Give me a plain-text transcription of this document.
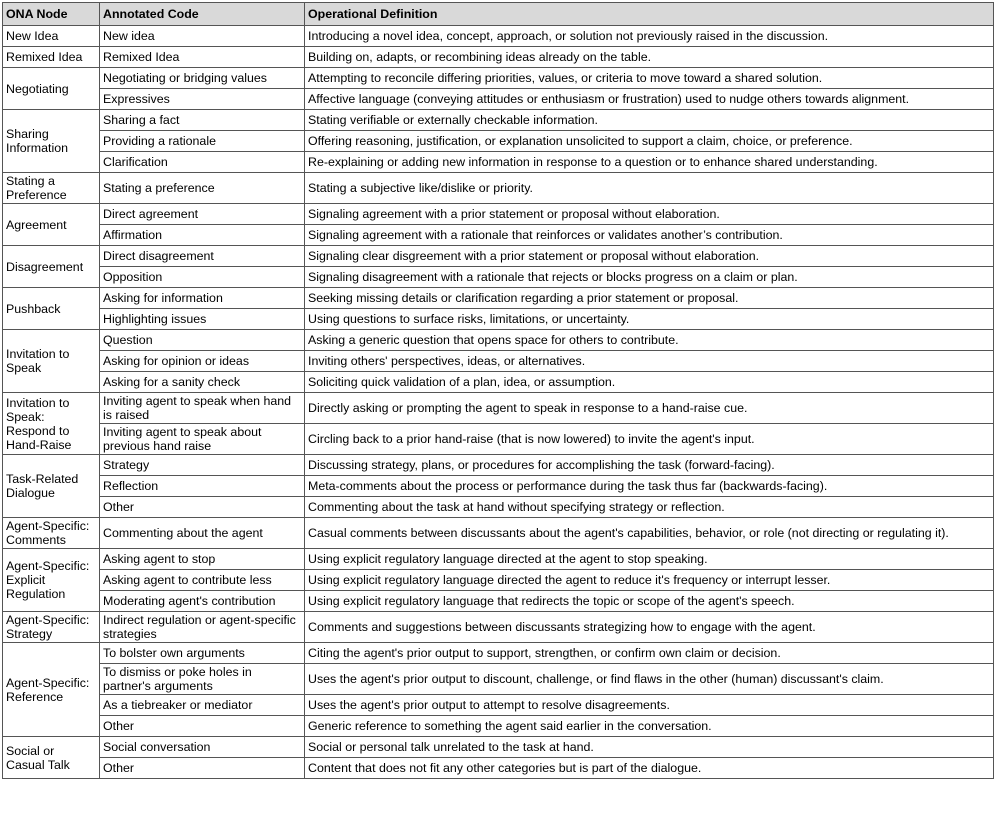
ONA Node	Annotated Code	Operational Definition
New Idea	New idea	Introducing a novel idea, concept, approach, or solution not previously raised in the discussion.
Remixed Idea	Remixed Idea	Building on, adapts, or recombining ideas already on the table.
Negotiating	Negotiating or bridging values	Attempting to reconcile differing priorities, values, or criteria to move toward a shared solution.
	Expressives	Affective language (conveying attitudes or enthusiasm or frustration) used to nudge others towards alignment.
Sharing Information	Sharing a fact	Stating verifiable or externally checkable information.
	Providing a rationale	Offering reasoning, justification, or explanation unsolicited to support a claim, choice, or preference.
	Clarification	Re-explaining or adding new information in response to a question or to enhance shared understanding.
Stating a Preference	Stating a preference	Stating a subjective like/dislike or priority.
Agreement	Direct agreement	Signaling agreement with a prior statement or proposal without elaboration.
	Affirmation	Signaling agreement with a rationale that reinforces or validates another’s contribution.
Disagreement	Direct disagreement	Signaling clear disgreement with a prior statement or proposal without elaboration.
	Opposition	Signaling disagreement with a rationale that rejects or blocks progress on a claim or plan.
Pushback	Asking for information	Seeking missing details or clarification regarding a prior statement or proposal.
	Highlighting issues	Using questions to surface risks, limitations, or uncertainty.
Invitation to Speak	Question	Asking a generic question that opens space for others to contribute.
	Asking for opinion or ideas	Inviting others' perspectives, ideas, or alternatives.
	Asking for a sanity check	Soliciting quick validation of a plan, idea, or assumption.
Invitation to Speak: Respond to Hand-Raise	Inviting agent to speak when hand is raised	Directly asking or prompting the agent to speak in response to a hand-raise cue.
	Inviting agent to speak about previous hand raise	Circling back to a prior hand-raise (that is now lowered) to invite the agent's input.
Task-Related Dialogue	Strategy	Discussing strategy, plans, or procedures for accomplishing the task (forward-facing).
	Reflection	Meta-comments about the process or performance during the task thus far (backwards-facing).
	Other	Commenting about the task at hand without specifying strategy or reflection.
Agent-Specific: Comments	Commenting about the agent	Casual comments between discussants about the agent's capabilities, behavior, or role (not directing or regulating it).
Agent-Specific: Explicit Regulation	Asking agent to stop	Using explicit regulatory language directed at the agent to stop speaking.
	Asking agent to contribute less	Using explicit regulatory language directed the agent to reduce it's frequency or interrupt lesser.
	Moderating agent's contribution	Using explicit regulatory language that redirects the topic or scope of the agent's speech.
Agent-Specific: Strategy	Indirect regulation or agent-specific strategies	Comments and suggestions between discussants strategizing how to engage with the agent.
Agent-Specific: Reference	To bolster own arguments	Citing the agent's prior output to support, strengthen, or confirm own claim or decision.
	To dismiss or poke holes in partner's arguments	Uses the agent's prior output to discount, challenge, or find flaws in the other (human) discussant's claim.
	As a tiebreaker or mediator	Uses the agent's prior output to attempt to resolve disagreements.
	Other	Generic reference to something the agent said earlier in the conversation.
Social or Casual Talk	Social conversation	Social or personal talk unrelated to the task at hand.
	Other	Content that does not fit any other categories but is part of the dialogue.
